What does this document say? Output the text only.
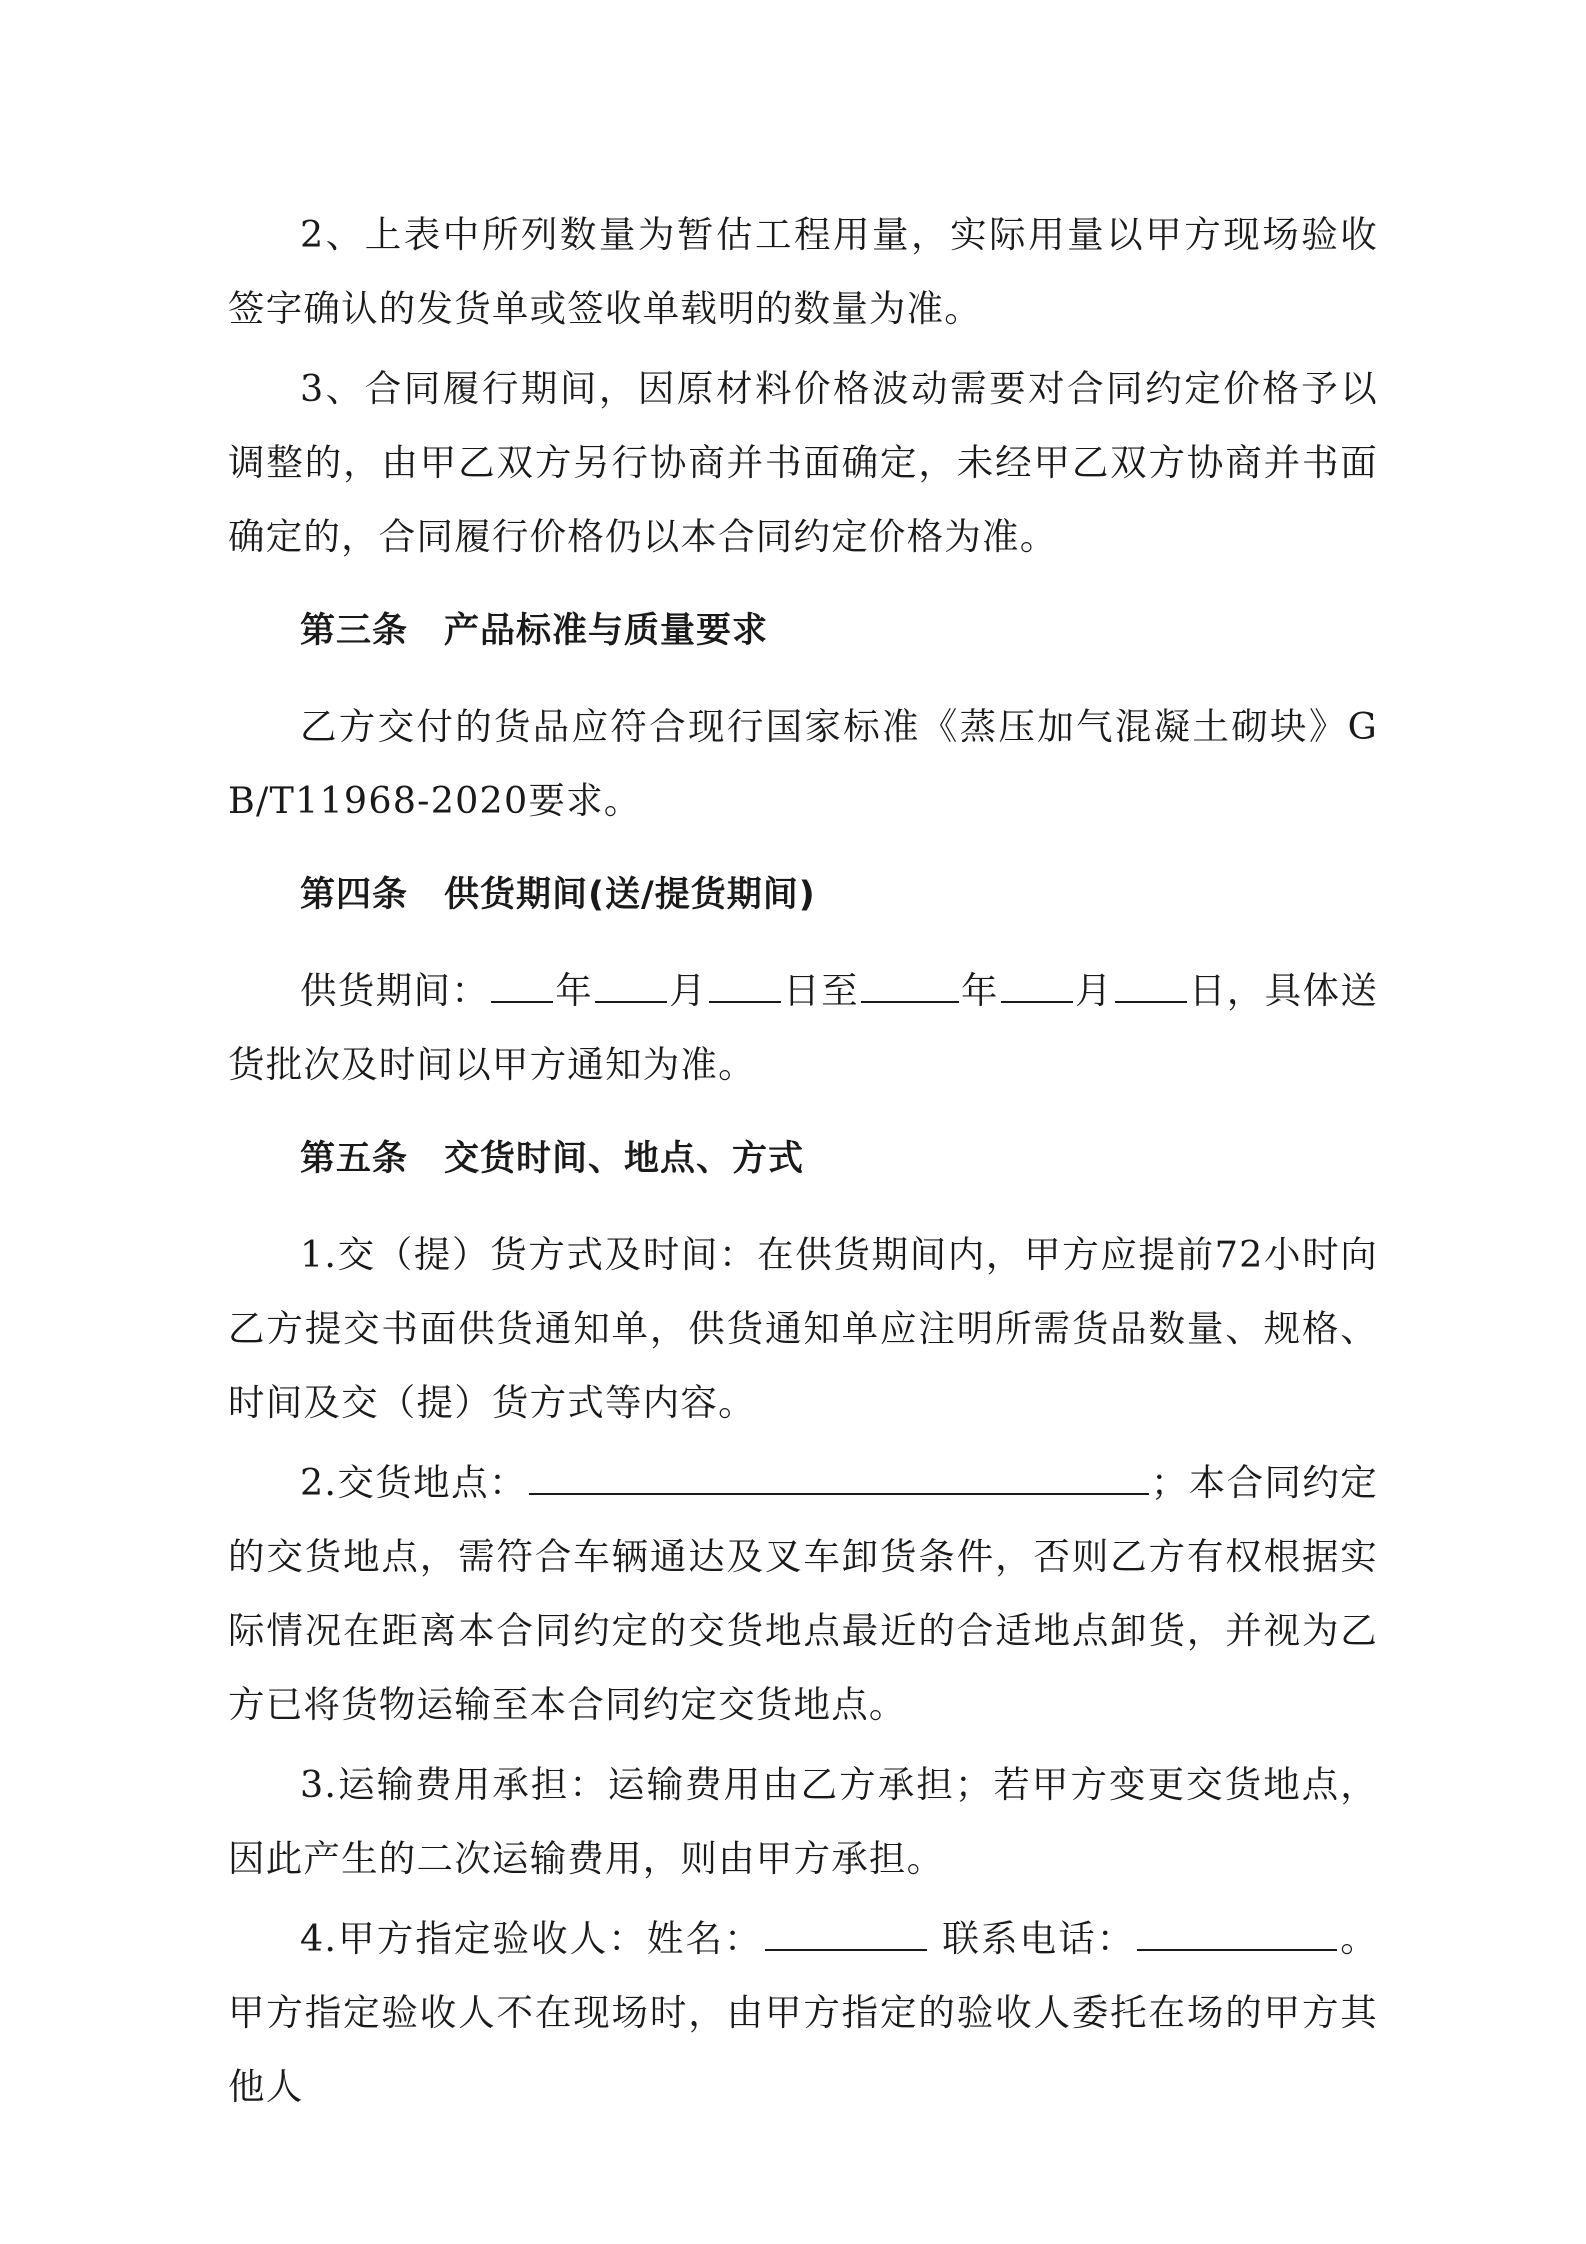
2、上表中所列数量为暂估工程用量，实际用量以甲方现场验收签字确认的发货单或签收单载明的数量为准。

3、合同履行期间，因原材料价格波动需要对合同约定价格予以调整的，由甲乙双方另行协商并书面确定，未经甲乙双方协商并书面确定的，合同履行价格仍以本合同约定价格为准。

第三条 产品标准与质量要求

乙方交付的货品应符合现行国家标准《蒸压加气混凝土砌块》GB/T11968-2020要求。

第四条 供货期间(送/提货期间)

供货期间： 年 月 日至	年 月 日，具体送货批次及时间以甲方通知为准。

第五条 交货时间、地点、方式

1.交（提）货方式及时间：在供货期间内，甲方应提前72小时向乙方提交书面供货通知单，供货通知单应注明所需货品数量、规格、时间及交（提）货方式等内容。

2.交货地点：	；本合同约定的交货地点，需符合车辆通达及叉车卸货条件，否则乙方有权根据实际情况在距离本合同约定的交货地点最近的合适地点卸货，并视为乙方已将货物运输至本合同约定交货地点。

3.运输费用承担：运输费用由乙方承担；若甲方变更交货地点，因此产生的二次运输费用，则由甲方承担。

4.甲方指定验收人：姓名：	联系电话：	。甲方指定验收人不在现场时，由甲方指定的验收人委托在场的甲方其他人
